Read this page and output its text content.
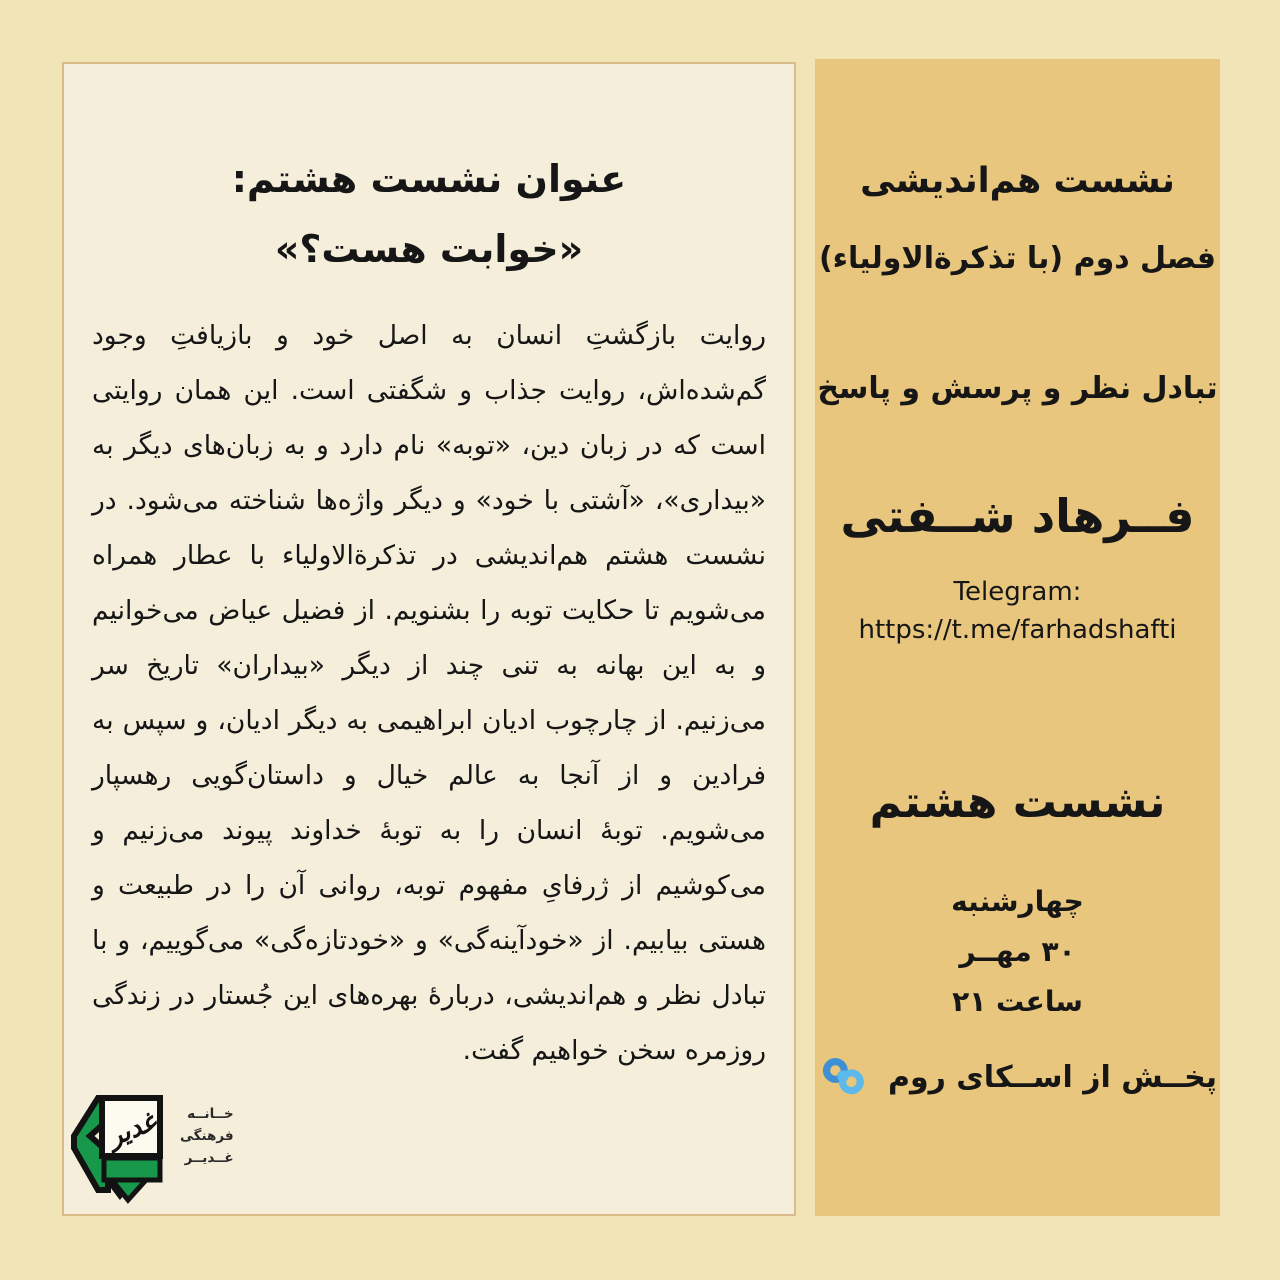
عنوان نشست هشتم:
«خوابت هست؟»

روایت بازگشتِ انسان به اصل خود و بازیافتِ وجود گم‌شده‌اش، روایت جذاب و شگفتی است. این همان روایتی است که در زبان دین، «توبه» نام دارد و به زبان‌های دیگر به «بیداری»، «آشتی با خود» و دیگر واژه‌ها شناخته می‌شود. در نشست هشتم هم‌اندیشی در تذکرةالاولیاء با عطار همراه می‌شویم تا حکایت توبه را بشنویم. از فضیل عیاض می‌خوانیم و به این بهانه به تنی چند از دیگر «بیداران» تاریخ سر می‌زنیم. از چارچوب ادیان ابراهیمی به دیگر ادیان، و سپس به فرادین و از آنجا به عالم خیال و داستان‌گویی رهسپار می‌شویم. توبهٔ انسان را به توبهٔ خداوند پیوند می‌زنیم و می‌کوشیم از ژرفایِ مفهوم توبه، روانی آن را در طبیعت و هستی بیابیم. از «خودآینه‌گی» و «خودتازه‌گی» می‌گوییم، و با تبادل نظر و هم‌اندیشی، دربارهٔ بهره‌های این جُستار در زندگی روزمره سخن خواهیم گفت.

غدیر	خــانــه
فرهنگی
غــدیــر
نشست هم‌اندیشی
فصل دوم (با تذکرةالاولیاء)
تبادل نظر و پرسش و پاسخ
فــرهاد شــفتی
Telegram:
https://t.me/farhadshafti
نشست هشتم
چهارشنبه
۳۰ مهــر
ساعت ۲۱
پخــش از اســکای روم
